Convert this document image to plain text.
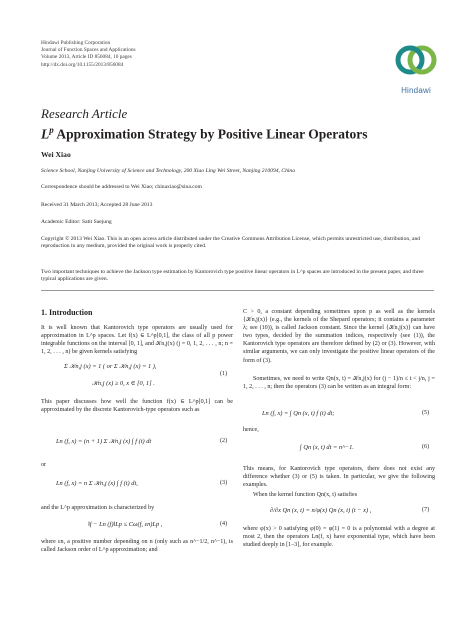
Hindawi Publishing Corporation
Journal of Function Spaces and Applications
Volume 2013, Article ID 856084, 10 pages
http://dx.doi.org/10.1155/2013/856084
Hindawi
Research Article
$L^p$ Approximation Strategy by Positive Linear Operators
Wei Xiao
Science School, Nanjing University of Science and Technology, 200 Xiao Ling Wei Street, Nanjing 210094, China
Correspondence should be addressed to Wei Xiao; chinaxiao@sina.com
Received 31 March 2013; Accepted 28 June 2013
Academic Editor: Satit Saejung
Copyright © 2013 Wei Xiao. This is an open access article distributed under the Creative Commons Attribution License, which permits unrestricted use, distribution, and reproduction in any medium, provided the original work is properly cited.
Two important techniques to achieve the Jackson type estimation by Kantorovich type positive linear operators in L^p spaces are introduced in the present paper, and three typical applications are given.
1. Introduction
It is well known that Kantorovich type operators are usually used for approximation in L^p spaces. Let f(x) ∈ L^p[0,1], the class of all p power integrable functions on the interval [0, 1], and 𝒦n,j(x) (j = 0, 1, 2, . . . , n; n = 1, 2, . . . , n) be given kernels satisfying
Σ 𝒦n,j (x) = 1 ( or Σ 𝒦n,j (x) = 1 ),
𝒦n,j (x) ≥ 0, x ∈ [0, 1] .
(1)
This paper discusses how well the function f(x) ∈ L^p[0,1] can be approximated by the discrete Kantorovich-type operators such as
Ln (f, x) = (n + 1) Σ 𝒦n,j (x) ∫ f (t) dt	(2)
or
Ln (f, x) = n Σ 𝒦n,j (x) ∫ f (t) dt,	(3)
and the L^p approximation is characterized by
‖f − Ln (f)‖Lp ≤ Cω(f, εn)Lp ,	(4)
where εn, a positive number depending on n (only such as n^−1/2, n^−1), is called Jackson order of L^p approximation; and
C > 0, a constant depending sometimes upon p as well as the kernels {𝒦n,j(x)} (e.g., the kernels of the Shepard operators; it contains a parameter λ; see (10)), is called Jackson constant. Since the kernel {𝒦n,j(x)} can have two types, decided by the summation indices, respectively (see (1)), the Kantorovich type operators are therefore defined by (2) or (3). However, with similar arguments, we can only investigate the positive linear operators of the form of (3).
Sometimes, we need to write Qn(x, t) = 𝒦n,j(x) for (j − 1)/n ≤ t < j/n, j = 1, 2, . . . , n; then the operators (3) can be written as an integral form:
Ln (f, x) = ∫ Qn (x, t) f (t) dt;	(5)
hence,
∫ Qn (x, t) dt = n^−1.	(6)
This means, for Kantorovich type operators, there does not exist any difference whether (3) or (5) is taken. In particular, we give the following examples.
When the kernel function Qn(x, t) satisfies
∂/∂x Qn (x, t) = n/φ(x) Qn (x, t) (t − x) ,	(7)
where φ(x) > 0 satisfying φ(0) = φ(1) = 0 is a polynomial with a degree at most 2, then the operators Ln(f, x) have exponential type, which have been studied deeply in [1–3], for example.
